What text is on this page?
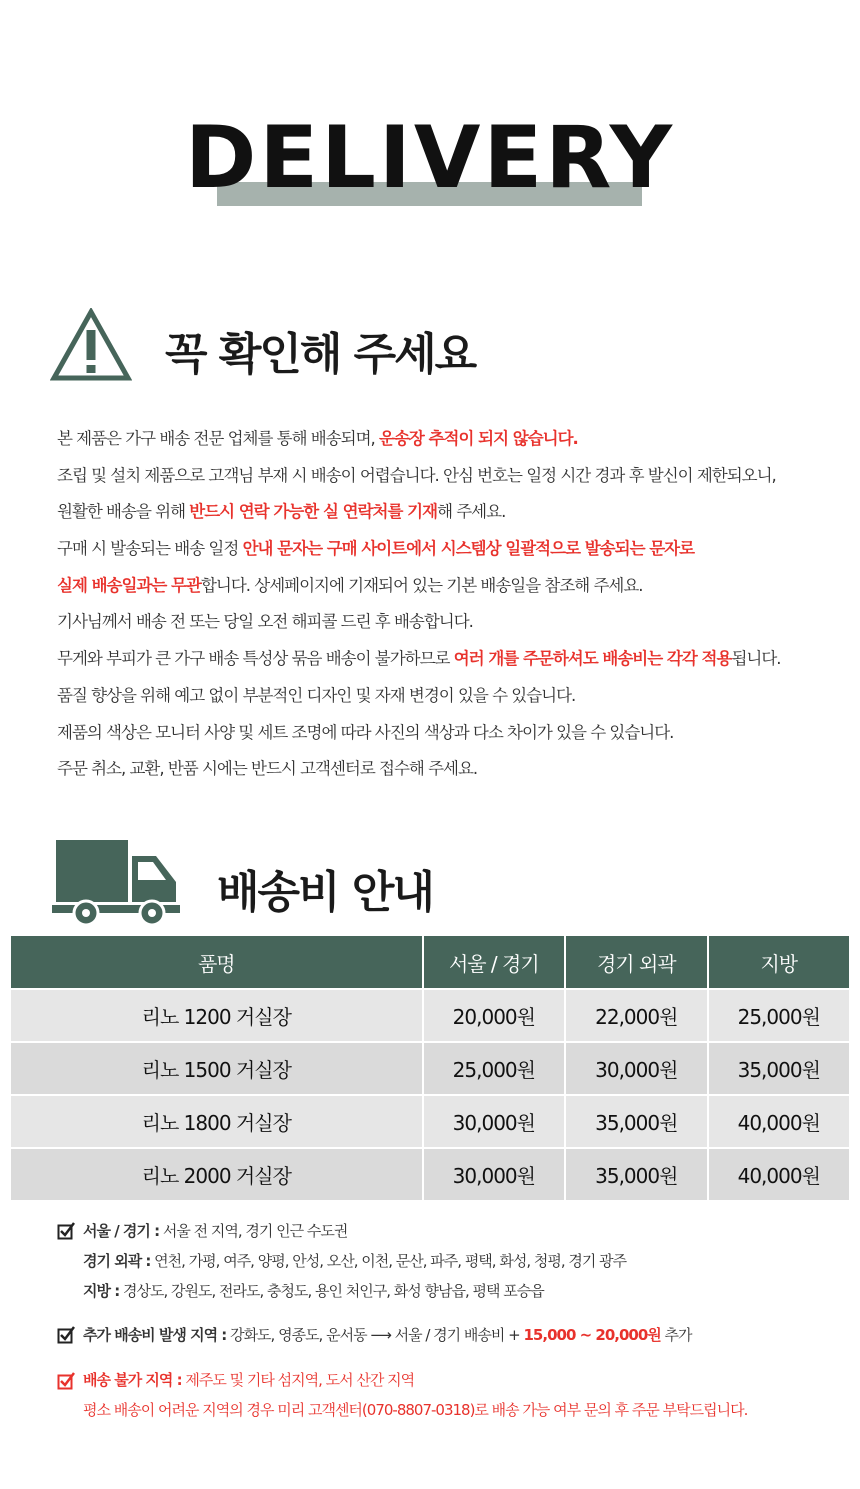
DELIVERY
꼭 확인해 주세요
본 제품은 가구 배송 전문 업체를 통해 배송되며, 운송장 추적이 되지 않습니다.
조립 및 설치 제품으로 고객님 부재 시 배송이 어렵습니다. 안심 번호는 일정 시간 경과 후 발신이 제한되오니,
원활한 배송을 위해 반드시 연락 가능한 실 연락처를 기재해 주세요.
구매 시 발송되는 배송 일정 안내 문자는 구매 사이트에서 시스템상 일괄적으로 발송되는 문자로
실제 배송일과는 무관합니다. 상세페이지에 기재되어 있는 기본 배송일을 참조해 주세요.
기사님께서 배송 전 또는 당일 오전 해피콜 드린 후 배송합니다.
무게와 부피가 큰 가구 배송 특성상 묶음 배송이 불가하므로 여러 개를 주문하셔도 배송비는 각각 적용됩니다.
품질 향상을 위해 예고 없이 부분적인 디자인 및 자재 변경이 있을 수 있습니다.
제품의 색상은 모니터 사양 및 세트 조명에 따라 사진의 색상과 다소 차이가 있을 수 있습니다.
주문 취소, 교환, 반품 시에는 반드시 고객센터로 접수해 주세요.
배송비 안내
품명	서울 / 경기	경기 외곽	지방
리노 1200 거실장	20,000원	22,000원	25,000원
리노 1500 거실장	25,000원	30,000원	35,000원
리노 1800 거실장	30,000원	35,000원	40,000원
리노 2000 거실장	30,000원	35,000원	40,000원
서울 / 경기 : 서울 전 지역, 경기 인근 수도권
경기 외곽 : 연천, 가평, 여주, 양평, 안성, 오산, 이천, 문산, 파주, 평택, 화성, 청평, 경기 광주
지방 : 경상도, 강원도, 전라도, 충청도, 용인 처인구, 화성 향남읍, 평택 포승읍
추가 배송비 발생 지역 : 강화도, 영종도, 운서동 ⟶ 서울 / 경기 배송비 + 15,000 ~ 20,000원 추가
배송 불가 지역 : 제주도 및 기타 섬지역, 도서 산간 지역
평소 배송이 어려운 지역의 경우 미리 고객센터(070-8807-0318)로 배송 가능 여부 문의 후 주문 부탁드립니다.
